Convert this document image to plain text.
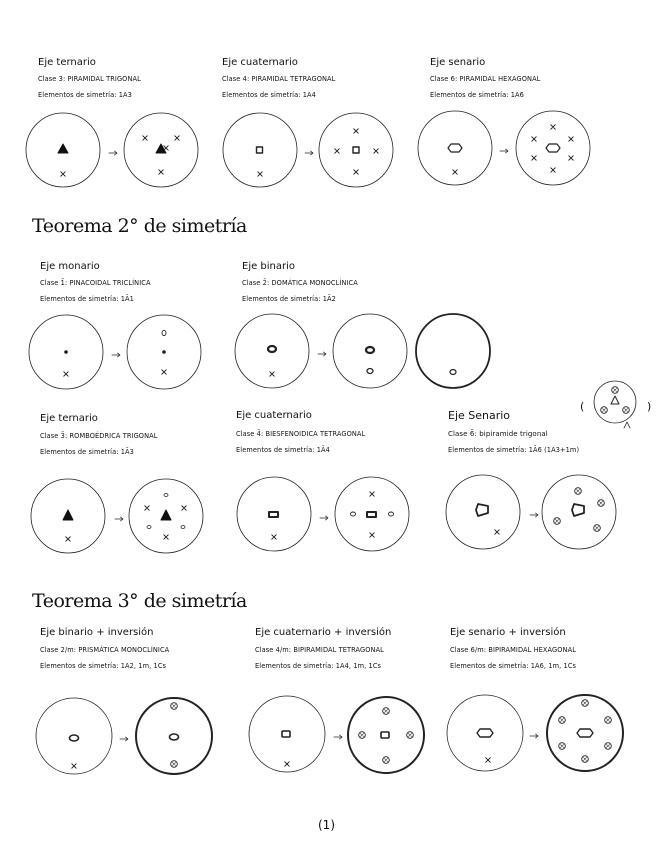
Eje ternario
Clase 3: PIRAMIDAL TRIGONAL
Elementos de simetría: 1A3
Eje cuaternario
Clase 4: PIRAMIDAL TETRAGONAL
Elementos de simetría: 1A4
Eje senario
Clase 6: PIRAMIDAL HEXAGONAL
Elementos de simetría: 1A6
Teorema 2° de simetría
Eje monario
Clase 1̄: PINACOIDAL TRICLÍNICA
Elementos de simetría: 1Ā1
Eje binario
Clase 2̄: DOMÁTICA MONOCLÍNICA
Elementos de simetría: 1Ā2
Eje ternario
Clase 3̄: ROMBOÉDRICA TRIGONAL
Elementos de simetría: 1Ā3
Eje cuaternario
Clase 4̄: BIESFENOIDICA TETRAGONAL
Elementos de simetría: 1Ā4
Eje Senario
Clase 6̄: bipiramide trigonal
Elementos de simetría: 1Ā6 (1A3+1m)
Teorema 3° de simetría
Eje binario + inversión
Clase 2/m: PRISMÁTICA MONOCLÍNICA
Elementos de simetría: 1A2, 1m, 1Cs
Eje cuaternario + inversión
Clase 4/m: BIPIRAMIDAL TETRAGONAL
Elementos de simetría: 1A4, 1m, 1Cs
Eje senario + inversión
Clase 6/m: BIPIRAMIDAL HEXAGONAL
Elementos de simetría: 1A6, 1m, 1Cs
(1)
(	)
